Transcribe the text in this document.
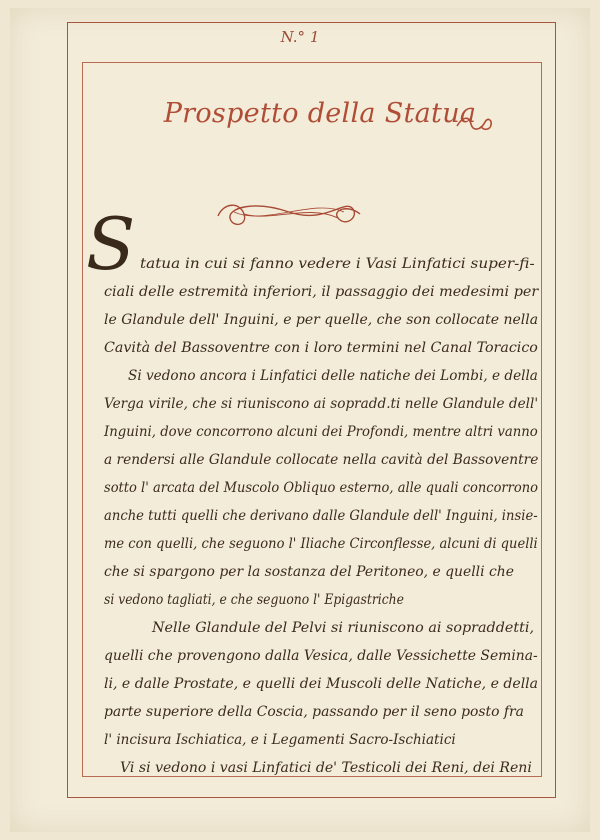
N.° 1
Prospetto della Statua
S tatua in cui si fanno vedere i Vasi Linfatici super-fi-
ciali delle estremità inferiori, il passaggio dei medesimi per
le Glandule dell' Inguini, e per quelle, che son collocate nella
Cavità del Bassoventre con i loro termini nel Canal Toracico
Si vedono ancora i Linfatici delle natiche dei Lombi, e della
Verga virile, che si riuniscono ai sopradd.ti nelle Glandule dell'
Inguini, dove concorrono alcuni dei Profondi, mentre altri vanno
a rendersi alle Glandule collocate nella cavità del Bassoventre
sotto l' arcata del Muscolo Obliquo esterno, alle quali concorrono
anche tutti quelli che derivano dalle Glandule dell' Inguini, insie-
me con quelli, che seguono l' Iliache Circonflesse, alcuni di quelli
che si spargono per la sostanza del Peritoneo, e quelli che
si vedono tagliati, e che seguono l' Epigastriche
Nelle Glandule del Pelvi si riuniscono ai sopraddetti,
quelli che provengono dalla Vesica, dalle Vessichette Semina-
li, e dalle Prostate, e quelli dei Muscoli delle Natiche, e della
parte superiore della Coscia, passando per il seno posto fra
l' incisura Ischiatica, e i Legamenti Sacro-Ischiatici
Vi si vedono i vasi Linfatici de' Testicoli dei Reni, dei Reni
